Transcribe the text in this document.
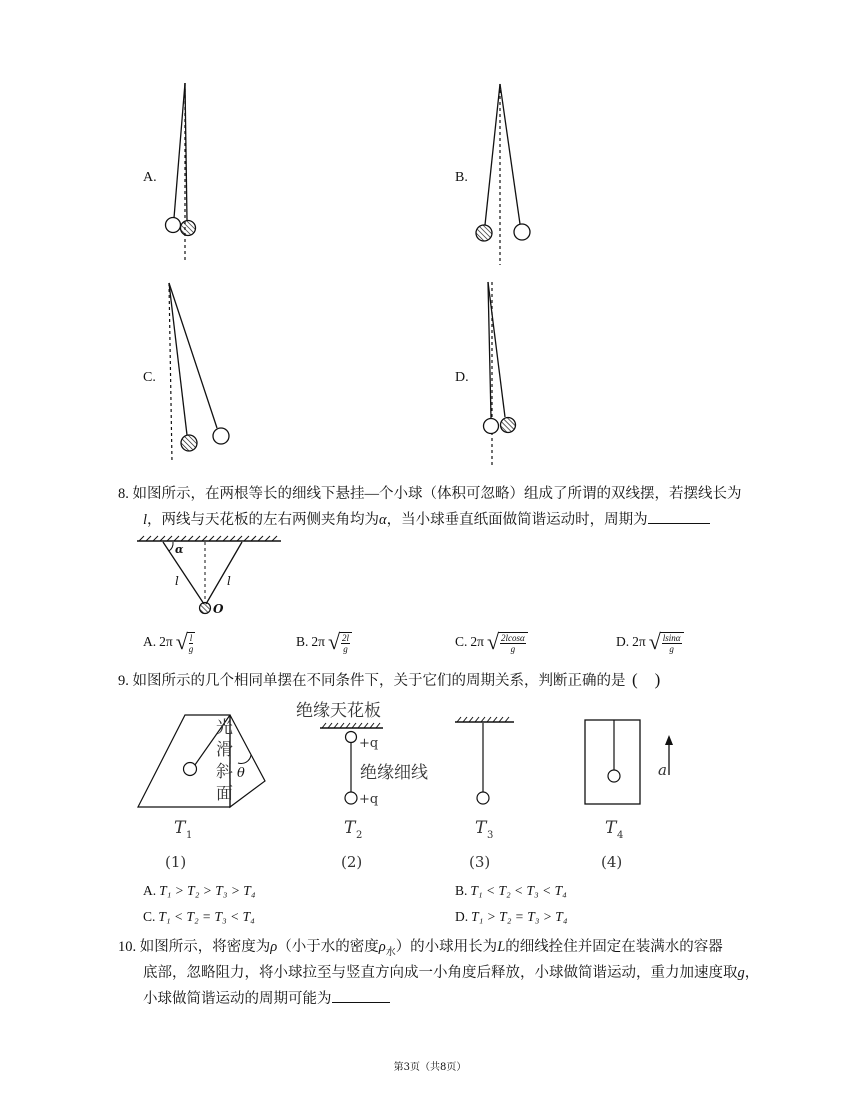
A.	B.
C.	D.
8. 如图所示，在两根等长的细线下悬挂—个小球（体积可忽略）组成了所谓的双线摆，若摆线长为
l，两线与天花板的左右两侧夹角均为α，当小球垂直纸面做简谐运动时，周期为
α
l	l
O
A. 2π √ $\frac{l}{g}$	B. 2π √ $\frac{2l}{g}$	C. 2π √ $\frac{2lcos\alpha}{g}$	D. 2π √ $\frac{lsin\alpha}{g}$
9. 如图所示的几个相同单摆在不同条件下，关于它们的周期关系，判断正确的是 ( )
光
滑
斜
面
θ
T 1
(1)
绝缘天花板
+q
绝缘细线
+q
T 2
(2)
T 3
(3)
a
T 4
(4)
A. T₁ > T₂ > T₃ > T₄	B. T₁ < T₂ < T₃ < T₄
C. T₁ < T₂ = T₃ < T₄	D. T₁ > T₂ = T₃ > T₄
10. 如图所示，将密度为ρ（小于水的密度$\rho_水$）的小球用长为L的细线拴住并固定在装满水的容器
底部，忽略阻力，将小球拉至与竖直方向成一小角度后释放，小球做简谐运动，重力加速度取g，
小球做简谐运动的周期可能为
第3页（共8页）
